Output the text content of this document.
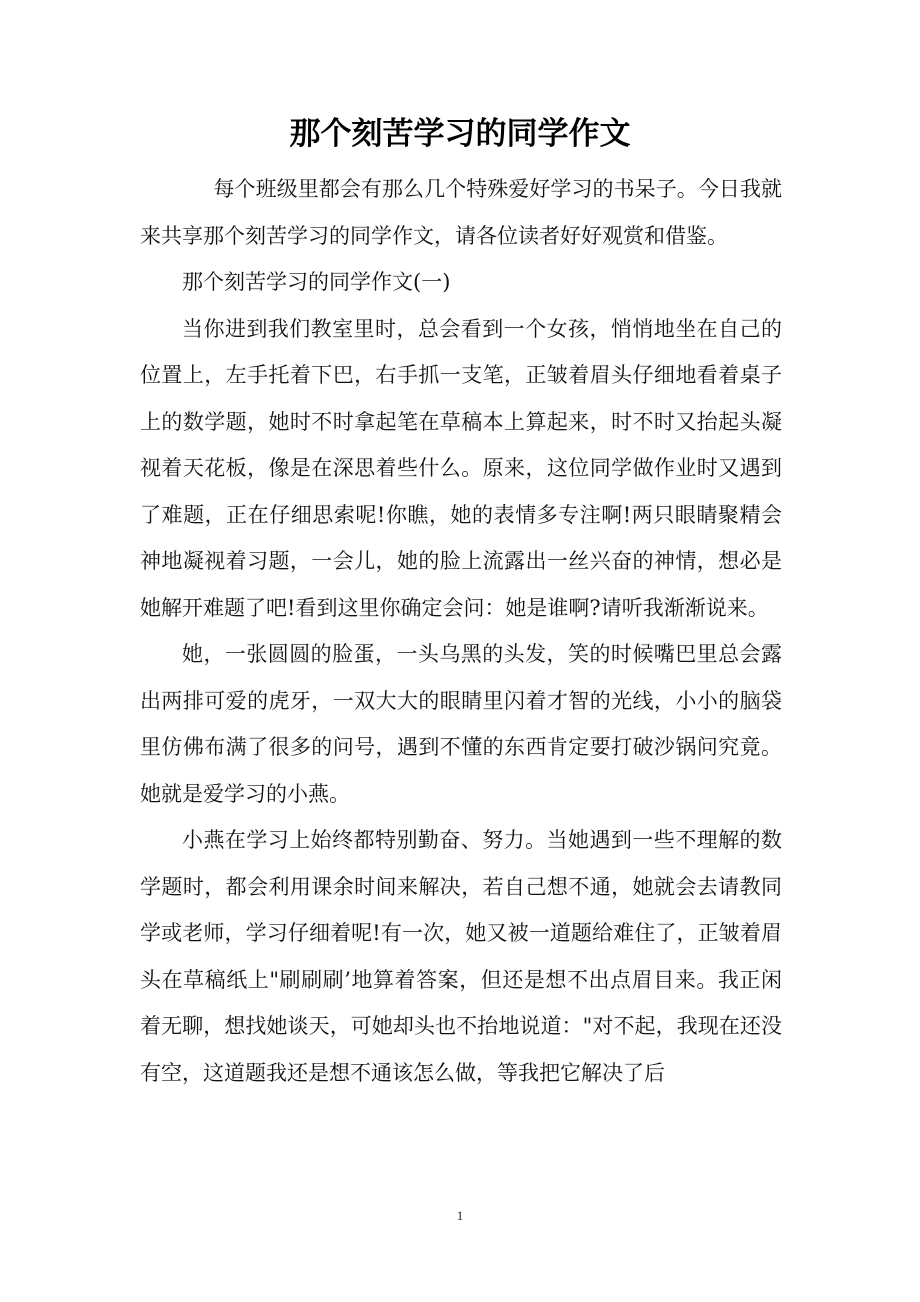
那个刻苦学习的同学作文

每个班级里都会有那么几个特殊爱好学习的书呆子。今日我就来共享那个刻苦学习的同学作文，请各位读者好好观赏和借鉴。

那个刻苦学习的同学作文(一)

当你进到我们教室里时，总会看到一个女孩，悄悄地坐在自己的位置上，左手托着下巴，右手抓一支笔，正皱着眉头仔细地看着桌子上的数学题，她时不时拿起笔在草稿本上算起来，时不时又抬起头凝视着天花板，像是在深思着些什么。原来，这位同学做作业时又遇到了难题，正在仔细思索呢!你瞧，她的表情多专注啊!两只眼睛聚精会神地凝视着习题，一会儿，她的脸上流露出一丝兴奋的神情，想必是她解开难题了吧!看到这里你确定会问：她是谁啊?请听我渐渐说来。

她，一张圆圆的脸蛋，一头乌黑的头发，笑的时候嘴巴里总会露出两排可爱的虎牙，一双大大的眼睛里闪着才智的光线，小小的脑袋里仿佛布满了很多的问号，遇到不懂的东西肯定要打破沙锅问究竟。她就是爱学习的小燕。

小燕在学习上始终都特别勤奋、努力。当她遇到一些不理解的数学题时，都会利用课余时间来解决，若自己想不通，她就会去请教同学或老师，学习仔细着呢!有一次，她又被一道题给难住了，正皱着眉头在草稿纸上"刷刷刷’地算着答案，但还是想不出点眉目来。我正闲着无聊，想找她谈天，可她却头也不抬地说道："对不起，我现在还没有空，这道题我还是想不通该怎么做，等我把它解决了后

1
